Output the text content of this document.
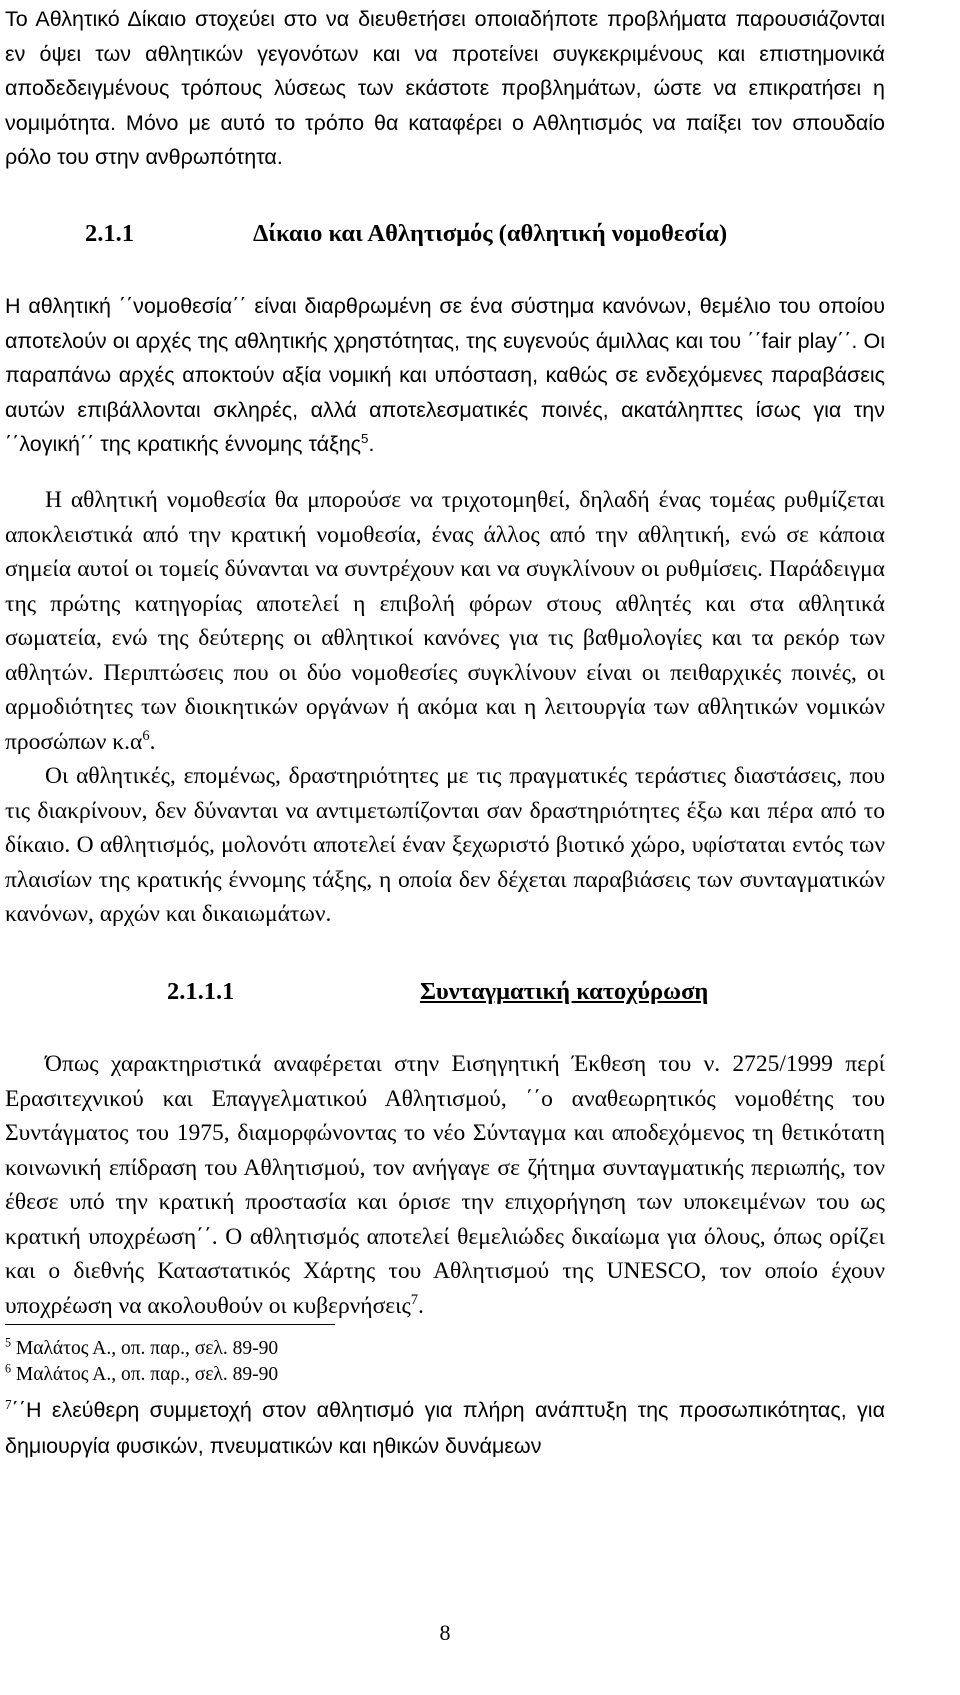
Το Αθλητικό Δίκαιο στοχεύει στο να διευθετήσει οποιαδήποτε προβλήματα παρουσιάζονται εν όψει των αθλητικών γεγονότων και να προτείνει συγκεκριμένους και επιστημονικά αποδεδειγμένους τρόπους λύσεως των εκάστοτε προβλημάτων, ώστε να επικρατήσει η νομιμότητα. Μόνο με αυτό το τρόπο θα καταφέρει ο Αθλητισμός να παίξει τον σπουδαίο ρόλο του στην ανθρωπότητα.

2.1.1	Δίκαιο και Αθλητισμός (αθλητική νομοθεσία)

Η αθλητική ΄΄νομοθεσία΄΄ είναι διαρθρωμένη σε ένα σύστημα κανόνων, θεμέλιο του οποίου αποτελούν οι αρχές της αθλητικής χρηστότητας, της ευγενούς άμιλλας και του ΄΄fair play΄΄. Οι παραπάνω αρχές αποκτούν αξία νομική και υπόσταση, καθώς σε ενδεχόμενες παραβάσεις αυτών επιβάλλονται σκληρές, αλλά αποτελεσματικές ποινές, ακατάληπτες ίσως για την ΄΄λογική΄΄ της κρατικής έννομης τάξης$^5$.

Η αθλητική νομοθεσία θα μπορούσε να τριχοτομηθεί, δηλαδή ένας τομέας ρυθμίζεται αποκλειστικά από την κρατική νομοθεσία, ένας άλλος από την αθλητική, ενώ σε κάποια σημεία αυτοί οι τομείς δύνανται να συντρέχουν και να συγκλίνουν οι ρυθμίσεις. Παράδειγμα της πρώτης κατηγορίας αποτελεί η επιβολή φόρων στους αθλητές και στα αθλητικά σωματεία, ενώ της δεύτερης οι αθλητικοί κανόνες για τις βαθμολογίες και τα ρεκόρ των αθλητών. Περιπτώσεις που οι δύο νομοθεσίες συγκλίνουν είναι οι πειθαρχικές ποινές, οι αρμοδιότητες των διοικητικών οργάνων ή ακόμα και η λειτουργία των αθλητικών νομικών προσώπων $\kappa.\alpha^6$.

Οι αθλητικές, επομένως, δραστηριότητες με τις πραγματικές τεράστιες διαστάσεις, που τις διακρίνουν, δεν δύνανται να αντιμετωπίζονται σαν δραστηριότητες έξω και πέρα από το δίκαιο. Ο αθλητισμός, μολονότι αποτελεί έναν ξεχωριστό βιοτικό χώρο, υφίσταται εντός των πλαισίων της κρατικής έννομης τάξης, η οποία δεν δέχεται παραβιάσεις των συνταγματικών κανόνων, αρχών και δικαιωμάτων.

2.1.1.1	Συνταγματική κατοχύρωση

Όπως χαρακτηριστικά αναφέρεται στην Εισηγητική Έκθεση του ν. 2725/1999 περί Ερασιτεχνικού και Επαγγελματικού Αθλητισμού, ΄΄ο αναθεωρητικός νομοθέτης του Συντάγματος του 1975, διαμορφώνοντας το νέο Σύνταγμα και αποδεχόμενος τη θετικότατη κοινωνική επίδραση του Αθλητισμού, τον ανήγαγε σε ζήτημα συνταγματικής περιωπής, τον έθεσε υπό την κρατική προστασία και όρισε την επιχορήγηση των υποκειμένων του ως κρατική υποχρέωση΄΄. Ο αθλητισμός αποτελεί θεμελιώδες δικαίωμα για όλους, όπως ορίζει και ο διεθνής Καταστατικός Χάρτης του Αθλητισμού της UNESCO, τον οποίο έχουν υποχρέωση να ακολουθούν οι κυβερνήσεις$^7$.

$^5$ Μαλάτος Α., οπ. παρ., σελ. 89-90

$^6$ Μαλάτος Α., οπ. παρ., σελ. 89-90

$^7$΄΄Η ελεύθερη συμμετοχή στον αθλητισμό για πλήρη ανάπτυξη της προσωπικότητας, για δημιουργία φυσικών, πνευματικών και ηθικών δυνάμεων

8
